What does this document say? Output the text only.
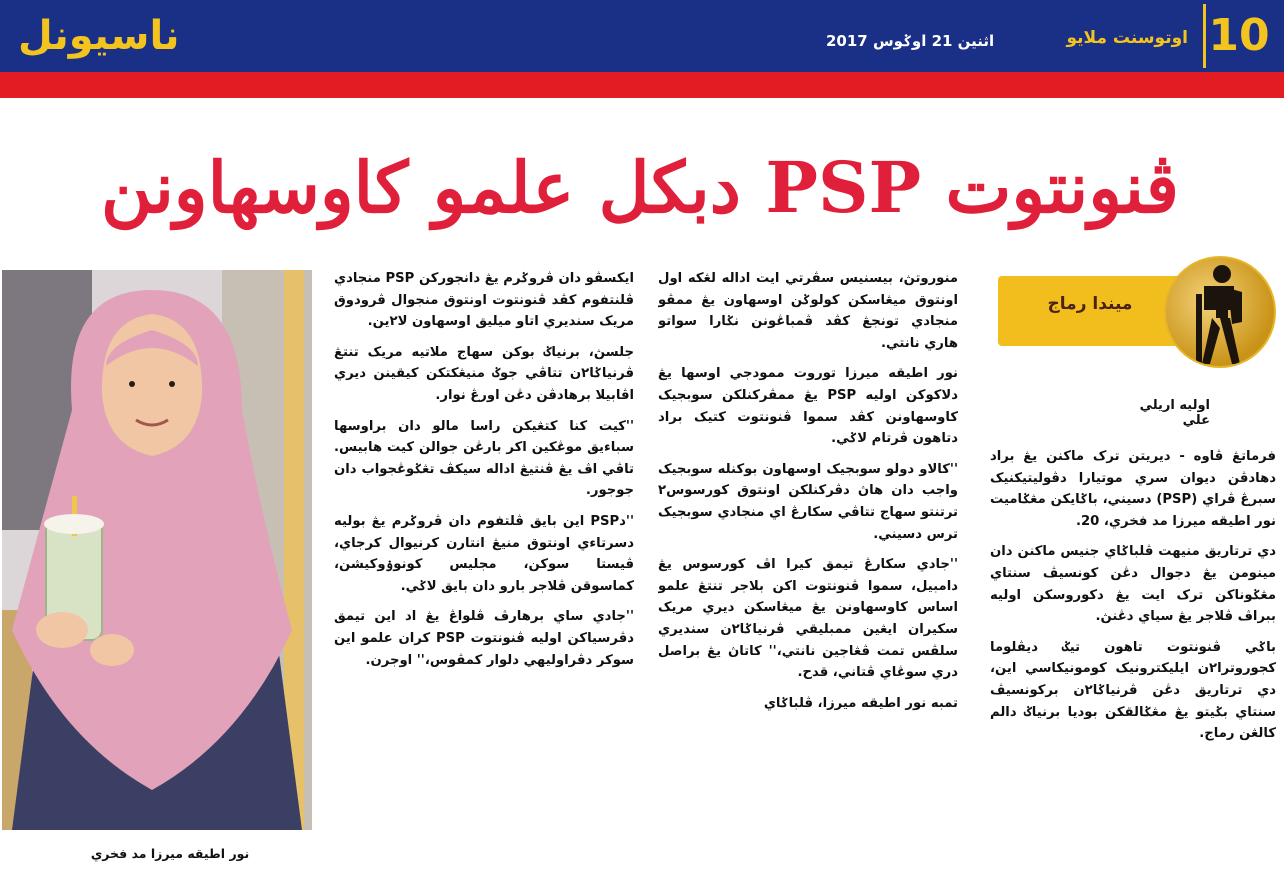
ناسيونل	10
اوتوسنت ملايو
اثنين 21 اوݢوس 2017
ڤنونتوت PSP دبکل علمو کاوسهاونن
ميندا رماج
اوليه اريلي علي
نور اطيقه ميرزا مد فخري

فرماتڠ ڤاوه - ديريتن ترک ماکنن يڠ براد دهادڤن ديوان سري موتيارا دڤوليتيکنيک سبرڠ ڤراي (PSP) دسيني، باݢايکن مڠݢاميت نور اطيقه ميرزا مد فخري، 20.

دي ترتاريق منيهت ڤلباݢاي جنيس ماکنن دان مينومن يڠ دجوال دڠن کونسيڤ سنتاي مڠݢوناکن ترک ايت يڠ دکوروسکن اوليه ببراڤ ڤلاجر يڠ سياي دڠنڽ.

باݢي ڤنونتوت تاهون تيݢ ديڤلوما کجوروترا٢ن ايليکترونيک کومونيکاسي اين، دي ترتاريق دڠن ڤرنياݢا٢ن برکونسيڤ سنتاي بݢيتو يڠ مڠݢالقکن بوديا برنياݢ دالم کالڠن رماج.

منوروتڽ، بيسنيس سڤرتي ايت اداله لڠکه اول اونتوق ميڠاسکن کولوݢن اوسهاون يڠ ممڤو منجادي تونجڠ کڤد ڤمباڠونن نݢارا سواتو هاري نانتي.

نور اطيقه ميرزا توروت ممودجي اوسها يڠ دلاکوکن اوليه PSP يڠ ممڤرکنلکن سوبجيک کاوسهاونن کڤد سموا ڤنونتوت کتيک براد دتاهون ڤرتام لاݢي.

''کالاو دولو سوبجيک اوسهاون بوکنله سوبجيک واجب دان هاڽ دڤرکنلکن اونتوق کورسوس٢ ترتنتو سهاج تتاڤي سکارڠ اي منجادي سوبجيک ترس دسيني.

''جادي سکارڠ تيمق کيرا اڤ کورسوس يڠ دامبيل، سموا ڤنونتوت اکن بلاجر تنتڠ علمو اساس کاوسهاونن يڠ ميڠاسکن ديري مريک سکيران ايڠين ممبليقي ڤرنياݢا٢ن سنديري سلڤس تمت ڤڠاجين نانتي،'' کاتاڽ يڠ براصل دري سوڠاي ڤتاني، قدح.

تمبه نور اطيقه ميرزا، ڤلباݢاي

ايکسڤو دان ڤروݢرم يڠ دانجورکن PSP منجادي ڤلنتفوم کڤد ڤنونتوت اونتوق منجوال ڤرودوق مريک سنديري اتاو ميليق اوسهاون لا٢ين.

جلسڽ، برنياݢ بوکن سهاج ملاتيه مريک تنتڠ ڤرنياݢا٢ن تتاڤي جوݢ منيڠکتکن کيقينن ديري اڤابيلا برهادڤن دڠن اورڠ نوار.

''کيت کنا کتڠيکن راسا مالو دان براوسها سباءيق موڠکين اکر بارڠن جوالن کيت هابيس. تاڤي اڤ يڠ ڤنتيڠ اداله سيکڤ تڠݢوڠجواب دان جوجور.

''دPSP اين بايق ڤلتفوم دان ڤروݢرم يڠ بوليه دسرتاءي اونتوق منيڠ انتارن کرنيوال کرجاي، ڤيستا سوکن، مجليس کونوۏوکيشن، کماسوقن ڤلاجر بارو دان بايق لاݢي.

''جادي ساي برهارڤ ڤلواڠ يڠ اد اين تيمق دڤرسياکن اوليه ڤنونتوت PSP کران علمو اين سوکر دڤراوليهي دلوار کمڤوس،'' اوجرن.
